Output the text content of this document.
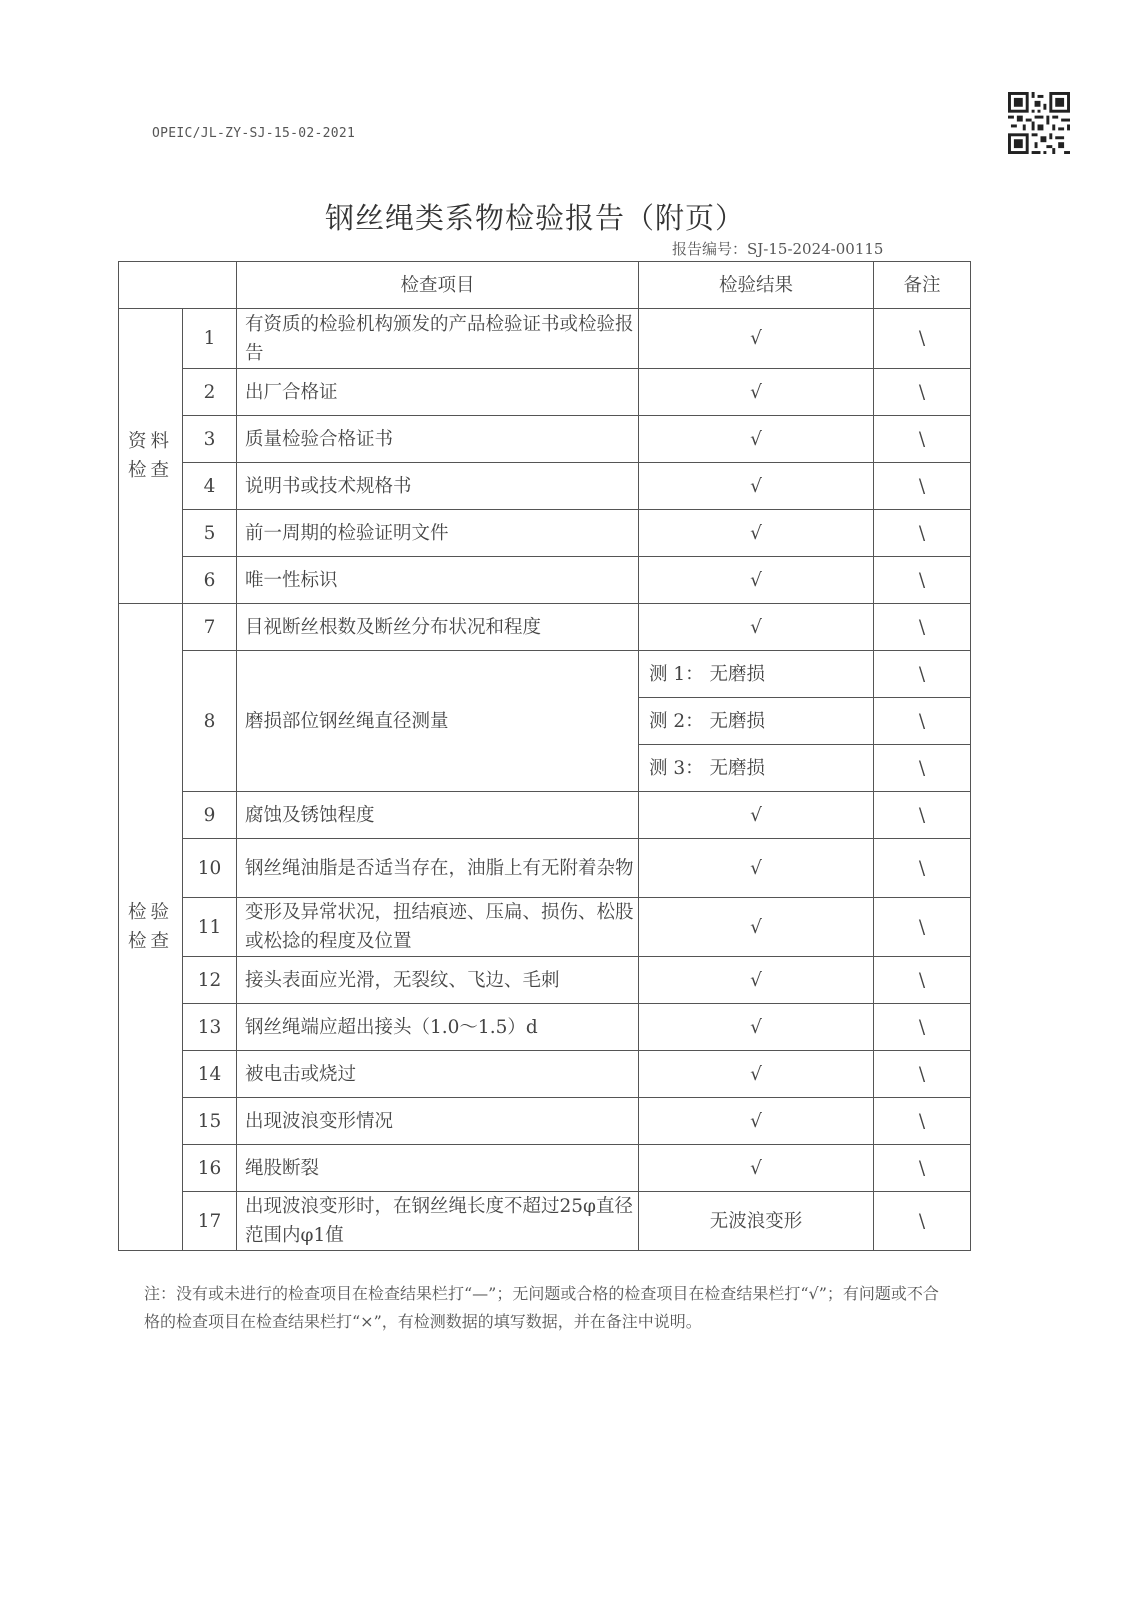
OPEIC/JL-ZY-SJ-15-02-2021
钢丝绳类系物检验报告（附页）
报告编号：SJ-15-2024-00115
		检查项目	检验结果	备注

资料
检查	1	有资质的检验机构颁发的产品检验证书或检验报告	√	\
	2	出厂合格证	√	\
	3	质量检验合格证书	√	\
	4	说明书或技术规格书	√	\
	5	前一周期的检验证明文件	√	\
	6	唯一性标识	√	\

检验
检查	7	目视断丝根数及断丝分布状况和程度	√	\
	8	磨损部位钢丝绳直径测量	测 1： 无磨损	\
			测 2： 无磨损	\
			测 3： 无磨损	\
	9	腐蚀及锈蚀程度	√	\
	10	钢丝绳油脂是否适当存在，油脂上有无附着杂物	√	\
	11	变形及异常状况，扭结痕迹、压扁、损伤、松股或松捻的程度及位置	√	\
	12	接头表面应光滑，无裂纹、飞边、毛刺	√	\
	13	钢丝绳端应超出接头（1.0～1.5）d	√	\
	14	被电击或烧过	√	\
	15	出现波浪变形情况	√	\
	16	绳股断裂	√	\
	17	出现波浪变形时，在钢丝绳长度不超过25φ直径范围内φ1值	无波浪变形	\
注：没有或未进行的检查项目在检查结果栏打“—”；无问题或合格的检查项目在检查结果栏打“√”；有问题或不合格的检查项目在检查结果栏打“×”，有检测数据的填写数据，并在备注中说明。
